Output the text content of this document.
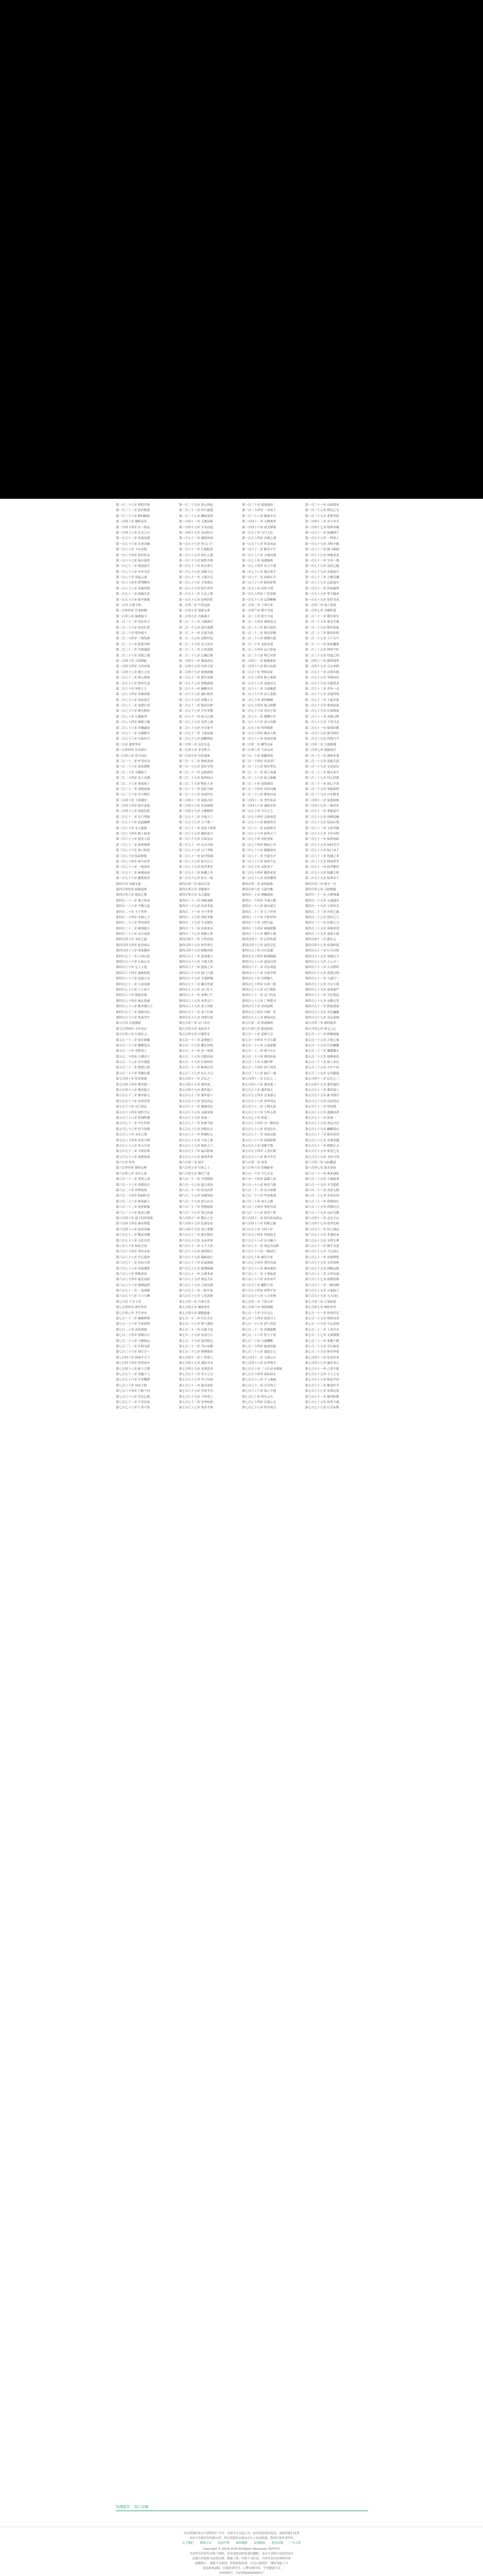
第一百二十八章 新的开始	第一百二十九章 风云再起	第一百三十章 暗流涌动	第一百三十一章 山雨欲来
第一百三十二章 意外相逢	第一百三十三章 旧日恩怨	第一百三十四章 一决高下	第一百三十五章 胜负已分
第一百三十六章 峰回路转	第一百三十七章 柳暗花明	第一百三十八章 秘境开启	第一百三十九章 重重考验
第一百四十章 破阵而出	第一百四十一章 天地异象	第一百四十二章 宝物现世	第一百四十三章 各方争夺
第一百四十四章 以一敌众	第一百四十五章 全身而退	第一百四十六章 闭关修炼	第一百四十七章 境界突破
第一百四十八章 出关之日	第一百四十九章 名动四方	第一百五十章 宗门大比	第一百五十一章 初露锋芒
第一百五十二章 连战连捷	第一百五十三章 强敌环伺	第一百五十四章 决赛之战	第一百五十五章 一鸣惊人
第一百五十六章 长老青睐	第一百五十七章 拜入门下	第一百五十八章 传承功法	第一百五十九章 苦修不辍
第一百六十章 下山历练	第一百六十一章 江湖险恶	第一百六十二章 路见不平	第一百六十三章 拔刀相助
第一百六十四章 结识好友	第一百六十五章 同行之旅	第一百六十六章 古城奇遇	第一百六十七章 神秘老者
第一百六十八章 指点迷津	第一百六十九章 豁然开朗	第一百七十章 再遇强敌	第一百七十一章 生死一线
第一百七十二章 绝境逢生	第一百七十三章 浴火重生	第一百七十四章 实力大增	第一百七十五章 复仇之路
第一百七十六章 步步为营	第一百七十七章 真相大白	第一百七十八章 幕后黑手	第一百七十九章 决战前夕
第一百八十章 风起云涌	第一百八十一章 大战开启	第一百八十二章 血染长空	第一百八十三章 力挽狂澜
第一百八十四章 胜利曙光	第一百八十五章 尘埃落定	第一百八十六章 新的征程	第一百八十七章 远赴他乡
第一百八十八章 异域风情	第一百八十九章 陌生世界	第一百九十章 初来乍到	第一百九十一章 四处碰壁
第一百九十二章 崭露头角	第一百九十三章 立足之地	第一百九十四章 广结善缘	第一百九十五章 势力渐成
第一百九十六章 暗中窥视	第一百九十七章 危机四伏	第一百九十八章 运筹帷幄	第一百九十九章 化险为夷
第二百章 百战不殆	第二百零一章 声名远扬	第二百零二章 王者归来	第二百零三章 故人重逢
第二百零四章 往事如烟	第二百零五章 情深义重	第二百零六章 携手并进	第二百零七章 共御外敌
第二百零八章 城池保卫	第二百零九章 兵临城下	第二百一十章 死守不退	第二百一十一章 援军将至
第二百一十二章 里应外合	第二百一十三章 大破敌军	第二百一十四章 乘胜追击	第二百一十五章 收复失地
第二百一十六章 论功行赏	第二百一十七章 加官进爵	第二百一十八章 树大招风	第二百一十九章 朝堂风波
第二百二十章 明争暗斗	第二百二十一章 以退为进	第二百二十二章 韬光养晦	第二百二十三章 静待时机
第二百二十四章 一朝发难	第二百二十五章 清除奸佞	第二百二十六章 朝纲大振	第二百二十七章 天下太平
第二百二十八章 隐患未除	第二百二十九章 北方异动	第二百三十章 亲征北境	第二百三十一章 冰原鏖战
第二百三十二章 雪域迷踪	第二百三十三章 古老部落	第二百三十四章 远古传说	第二百三十五章 神兽守护
第二百三十六章 试炼之地	第二百三十七章 心魔幻境	第二百三十八章 明心见性	第二百三十九章 得道之契
第二百四十章 天劫降临	第二百四十一章 渡劫成功	第二百四十二章 脱胎换骨	第二百四十三章 新的境界
第二百四十四章 天外来客	第二百四十五章 异界入侵	第二百四十六章 联合抗敌	第二百四十七章 万宗来朝
第二百四十八章 盟主之位	第二百四十九章 统领群雄	第二百五十章 誓师出征	第二百五十一章 首战告捷
第二百五十二章 深入敌境	第二百五十三章 孤军奋战	第二百五十四章 陷入重围	第二百五十五章 突围而出
第二百五十六章 休养生息	第二百五十七章 重整旗鼓	第二百五十八章 再度出击	第二百五十九章 直捣黄龙
第二百六十章 异界之主	第二百六十一章 巅峰对决	第二百六十二章 天崩地裂	第二百六十三章 舍身一击
第二百六十四章 英雄落幕	第二百六十五章 魂归故里	第二百六十六章 众人悲恸	第二百六十七章 奇迹再现
第二百六十八章 死而复生	第二百六十九章 涅槃之火	第二百七十章 重登巅峰	第二百七十一章 大道至简
第二百七十二章 返璞归真	第二百七十三章 隐居山林	第二百七十四章 闲云野鹤	第二百七十五章 收徒传道
第二百七十六章 薪火相传	第二百七十七章 少年英姿	第二百七十八章 青出于蓝	第二百七十九章 后浪推前
第二百八十章 江湖新秀	第二百八十一章 初入江湖	第二百八十二章 懵懂少年	第二百八十三章 奇缘天降
第二百八十四章 神秘玉佩	第二百八十五章 身世之谜	第二百八十六章 追寻真相	第二百八十七章 千里寻亲
第二百八十八章 风餐露宿	第二百八十九章 历尽艰辛	第二百九十章 终得线索	第二百九十一章 故国旧都
第二百九十二章 皇城秘辛	第二百九十三章 王族血脉	第二百九十四章 继承大统	第二百九十五章 新君即位
第二百九十六章 百废待兴	第二百九十七章 励精图治	第二百九十八章 国富民强	第二百九十九章 四海升平
第三百章 盛世华章	第三百零一章 边关告急	第三百零二章 御驾亲征	第三百零三章 大漠孤烟
第三百零四章 长河落日	第三百零五章 金戈铁马	第三百零六章 气吞山河	第三百零七章 凯旋而归
第三百零八章 普天同庆	第三百零九章 宫廷盛宴	第三百一十章 暗藏杀机	第三百一十一章 刺客来袭
第三百一十二章 护驾有功	第三百一十三章 彻查真凶	第三百一十四章 牵连甚广	第三百一十五章 雷霆手段
第三百一十六章 肃清朝野	第三百一十七章 忠奸分明	第三百一十八章 贤臣辈出	第三百一十九章 文治武功
第三百二十章 开疆拓土	第三百二十一章 远航海外	第三百二十二章 海上风暴	第三百二十三章 孤岛求生
第三百二十四章 岛上奇遇	第三百二十五章 海外仙山	第三百二十六章 仙人指路	第三百二十七章 归心似箭
第三百二十八章 重返故土	第三百二十九章 物是人非	第三百三十章 沧海桑田	第三百三十一章 初心不改
第三百三十二章 再续前缘	第三百三十三章 花好月圆	第三百三十四章 喜结良缘	第三百三十五章 琴瑟和鸣
第三百三十六章 岁月静好	第三百三十七章 风雨同舟	第三百三十八章 相濡以沫	第三百三十九章 白头偕老
第三百四十章 子孙满堂	第三百四十一章 家族兴旺	第三百四十二章 世代传承	第三百四十三章 家训祖规
第三百四十四章 族中变故	第三百四十五章 兄弟阋墙	第三百四十六章 调和矛盾	第三百四十七章 一致对外
第三百四十八章 家族危机	第三百四十九章 力挽颓势	第三百五十章 中兴之主	第三百五十一章 重振家声
第三百五十二章 名门望族	第三百五十三章 声震天下	第三百五十四章 宗师风范	第三百五十五章 登峰造极
第三百五十六章 武道巅峰	第三百五十七章 天下第一	第三百五十八章 挑战者至	第三百五十九章 接连应战
第三百六十章 无人能敌	第三百六十一章 高处不胜寒	第三百六十二章 寂寞如雪	第三百六十三章 寻求突破
第三百六十四章 踏上新途	第三百六十五章 破碎虚空	第三百六十六章 仙界之门	第三百六十七章 飞升在即
第三百六十八章 留恋人间	第三百六十九章 告别亲友	第三百七十章 羽化登仙	第三百七十一章 仙界初临
第三百七十二章 仙界规则	第三百七十三章 从头开始	第三百七十四章 散仙之名	第三百七十五章 仙府争夺
第三百七十六章 仙门招徒	第三百七十七章 入门考核	第三百七十八章 脱颖而出	第三百七十九章 仙门弟子
第三百八十章 仙法修炼	第三百八十一章 仙丹炼制	第三百八十二章 丹道奇才	第三百八十三章 炼器之术
第三百八十四章 神兵出世	第三百八十五章 仙兵认主	第三百八十六章 仙界大比	第三百八十七章 群仙荟萃
第三百八十八章 一战成名	第三百八十九章 仙君垂青	第三百九十章 亲传弟子	第三百九十一章 仙君秘传
第三百九十二章 神通初成	第三百九十三章 仙魔之争	第三百九十四章 魔界来犯	第三百九十五章 仙魔大战
第三百九十六章 魔尊现身	第三百九十七章 惊天一战	第三百九十八章 封印魔尊	第三百九十九章 仙界安宁
第四百章 功德无量	第四百零一章 仙帝召见	第四百零二章 加封仙职	第四百零三章 镇守一方
第四百零四章 仙域巡察	第四百零五章 异象频生	第四百零六章 天道失衡	第四百零七章 寻找根源
第四百零八章 混沌之地	第四百零九章 太古遗迹	第四百一十章 神魔战场	第四百一十一章 古神残魂
第四百一十二章 神之传承	第四百一十三章 神格觉醒	第四百一十四章 半神之躯	第四百一十五章 天道感应
第四百一十六章 平衡天道	第四百一十七章 功成身退	第四百一十八章 游历诸天	第四百一十九章 万界风光
第四百二十章 小千世界	第四百二十一章 中千世界	第四百二十二章 大千世界	第四百二十三章 世界之源
第四百二十四章 本源之力	第四百二十五章 领悟本源	第四百二十六章 开辟世界	第四百二十七章 创世之主
第四百二十八章 世界演化	第四百二十九章 生灵繁衍	第四百三十章 文明兴起	第四百三十一章 信仰之力
第四百三十二章 神国建立	第四百三十三章 众神来访	第四百三十四章 神域联盟	第四百三十五章 诸神黄昏
第四百三十六章 末日危机	第四百三十七章 拯救万界	第四百三十八章 牺牲小我	第四百三十九章 成就大我
第四百四十章 永恒之道	第四百四十一章 不朽传说	第四百四十二章 后世传颂	第四百四十三章 新纪元
第四百四十四章 轮回再启	第四百四十五章 转世重生	第四百四十六章 前世记忆	第四百四十七章 宿命纠葛
第四百四十八章 因果循环	第四百四十九章 斩断因果	第四百五十章 自在逍遥	第四百五十一章 红尘历练
第四百五十二章 人间百态	第四百五十三章 悲欢离合	第四百五十四章 阴晴圆缺	第四百五十五章 看破红尘
第四百五十六章 心如止水	第四百五十七章 大彻大悟	第四百五十八章 道法自然	第四百五十九章 天人合一
第四百六十章 无上大道	第四百六十一章 道祖之名	第四百六十二章 开坛讲道	第四百六十三章 万灵聆听
第四百六十四章 道统延续	第四百六十五章 道门兴盛	第四百六十六章 百家争鸣	第四百六十七章 思想交锋
第四百六十八章 论道大会	第四百六十九章 舌战群儒	第四百七十章 以理服人	第四百七十一章 大道归一
第四百七十二章 万法同源	第四百七十三章 融会贯通	第四百七十四章 自成一派	第四百七十五章 开宗立派
第四百七十六章 门人弟子	第四百七十七章 宗门壮大	第四百七十八章 宗门规矩	第四百七十九章 戒律森严
第四百八十章 叛徒出现	第四百八十一章 清理门户	第四百八十二章 宗门内乱	第四百八十三章 平定叛乱
第四百八十四章 痛定思痛	第四百八十五章 改革宗门	第四百八十六章 广纳贤才	第四百八十七章 有教无类
第四百八十八章 桃李满天下	第四百八十九章 弟子出师	第四百九十章 各奔前程	第四百九十一章 师徒情深
第四百九十二章 恩师寿辰	第四百九十三章 弟子归来	第四百九十四章 共聚一堂	第四百九十五章 其乐融融
第四百九十六章 惊变突生	第四百九十七章 外敌压境	第四百九十八章 师徒同心	第四百九十九章 众志成城
第五百章 击退强敌	第五百零一章 宗门永存	第五百零二章 传说继续	第五百零三章 新的篇章
第五百零四章 少年出山	第五百零五章 初试身手	第五百零六章 惩恶扬善	第五百零七章 侠义之心
第五百零八章 行侠仗义	第五百零九章 江湖美名	第五百一十章 武林大会	第五百一十一章 群雄逐鹿
第五百一十二章 技压群雄	第五百一十三章 武林盟主	第五百一十四章 号令江湖	第五百一十五章 正邪之战
第五百一十六章 魔教复出	第五百一十七章 魔头再现	第五百一十八章 正道联盟	第五百一十九章 讨伐魔教
第五百二十章 光明顶上	第五百二十一章 决一死战	第五百二十二章 邪不压正	第五百二十三章 魔教覆灭
第五百二十四章 江湖安宁	第五百二十五章 归隐田园	第五百二十六章 耕读传家	第五百二十七章 晴耕雨读
第五百二十八章 岁月悠悠	第五百二十九章 往事回首	第五百三十章 江湖旧梦	第五百三十一章 故人来访
第五百三十二章 把酒言欢	第五百三十三章 畅谈往昔	第五百三十四章 意气风发	第五百三十五章 少年不再
第五百三十六章 英雄迟暮	第五百三十七章 壮心不已	第五百三十八章 最后一战	第五百三十九章 完美谢幕
第五百四十章 传奇落幕	第五百四十一章 后记之一	第五百四十二章 后记之二	第五百四十三章 后记之三
第五百四十四章 番外篇一	第五百四十五章 番外篇二	第五百四十六章 番外篇三	第五百四十七章 番外篇四
第五百四十八章 番外篇五	第五百四十九章 番外篇六	第五百五十章 番外篇七	第五百五十一章 番外篇八
第五百五十二章 番外篇九	第五百五十三章 番外篇十	第五百五十四章 完本感言	第五百五十五章 新书预告
第五百五十六章 读者问答	第五百五十七章 角色设定	第五百五十八章 世界设定	第五百五十九章 功法设定
第五百六十章 宗门设定	第五百六十一章 地图设定	第五百六十二章 人物关系	第五百六十三章 时间线
第五百六十四章 创作手记	第五百六十五章 灵感来源	第五百六十六章 写作心得	第五百六十七章 感谢读者
第五百六十八章 特别鸣谢	第五百六十九章 彩蛋一	第五百七十章 彩蛋二	第五百七十一章 彩蛋三
第五百七十二章 平行世界	第五百七十三章 如果当初	第五百七十四章 另一种结局	第五百七十五章 命运分岔
第五百七十六章 时空穿梭	第五百七十七章 回到过去	第五百七十八章 改变历史	第五百七十九章 蝴蝶效应
第五百八十章 未来之战	第五百八十一章 机械纪元	第五百八十二章 星际远航	第五百八十三章 银河帝国
第五百八十四章 外星文明	第五百八十五章 宇宙之谜	第五百八十六章 黑洞探索	第五百八十七章 虫洞穿越
第五百八十八章 多元宇宙	第五百八十九章 维度之门	第五百九十章 高维生物	第五百九十一章 降维打击
第五百九十二章 文明存续	第五百九十三章 最后防线	第五百九十四章 人类火种	第五百九十五章 希望之光
第五百九十六章 重建家园	第五百九十七章 新的世界	第五百九十八章 和平年代	第五百九十九章 永恒守望
第六百章 终章	第六百零一章 尾声	第六百零二章 再见	第六百零三章 完结撒花
第六百零四章 新的启程	第六百零五章 归来之人	第六百零六章 旧城新事	第六百零七章 街头巷尾
第六百零八章 市井人家	第六百零九章 烟火气息	第六百一十章 平凡生活	第六百一十一章 柴米油盐
第六百一十二章 邻里之间	第六百一十三章 守望相助	第六百一十四章 温暖人间	第六百一十五章 小城故事
第六百一十六章 春暖花开	第六百一十七章 夏日炎炎	第六百一十八章 秋高气爽	第六百一十九章 冬雪皑皑
第六百二十章 四季轮回	第六百二十一章 时光荏苒	第六百二十二章 岁月如歌	第六百二十三章 青春无悔
第六百二十四章 校园时光	第六百二十五章 同窗情谊	第六百二十六章 毕业离别	第六百二十七章 各奔东西
第六百二十八章 职场新人	第六百二十九章 初入社会	第六百三十章 奋斗之路	第六百三十一章 逆境成长
第六百三十二章 创业艰难	第六百三十三章 梦想起航	第六百三十四章 事业有成	第六百三十五章 回馈社会
第六百三十六章 慈善之路	第六百三十七章 爱心传递	第六百三十八章 希望工程	第六百三十九章 山区支教
第六百四十章 孩子们的笑脸	第六百四十一章 教育之光	第六百四十二章 知识改变命运	第六百四十三章 走出大山
第六百四十四章 城市梦想	第六百四十五章 追逐星辰	第六百四十六章 科研之路	第六百四十七章 攻坚克难
第六百四十八章 技术突破	第六百四十九章 国之重器	第六百五十章 大国工匠	第六百五十一章 匠心独运
第六百五十二章 精益求精	第六百五十三章 薪火相传	第六百五十四章 传统技艺	第六百五十五章 非遗传承
第六百五十六章 文化自信	第六百五十七章 走向世界	第六百五十八章 东方魅力	第六百五十九章 文明互鉴
第六百六十章 和而不同	第六百六十一章 天下大同	第六百六十二章 命运共同体	第六百六十三章 携手共进
第六百六十四章 美好未来	第六百六十五章 展望明天	第六百六十六章 一路同行	第六百六十七章 不忘初心
第六百六十八章 牢记使命	第六百六十九章 砥砺前行	第六百七十章 继往开来	第六百七十一章 再创辉煌
第六百七十二章 星辰大海	第六百七十三章 征途漫漫	第六百七十四章 勇往直前	第六百七十五章 无所畏惧
第六百七十六章 风雨兼程	第六百七十七章 披荆斩棘	第六百七十八章 乘风破浪	第六百七十九章 扬帆远航
第六百八十章 梦想成真	第六百八十一章 心想事成	第六百八十二章 万事如意	第六百八十三章 吉祥安康
第六百八十四章 福星高照	第六百八十五章 鸿运当头	第六百八十六章 步步高升	第六百八十七章 前程似锦
第六百八十八章 锦绣前程	第六百八十九章 大展宏图	第六百九十章 鹏程万里	第六百九十一章 一帆风顺
第六百九十二章 二龙戏珠	第六百九十三章 三阳开泰	第六百九十四章 四季平安	第六百九十五章 五福临门
第六百九十六章 六六大顺	第六百九十七章 七星高照	第六百九十八章 八方来财	第六百九十九章 九九同心
第七百章 十全十美	第七百零一章 百事可乐	第七百零二章 千事吉祥	第七百零三章 万事如意
第七百零四章 新年快乐	第七百零五章 阖家欢乐	第七百零六章 团团圆圆	第七百零七章 和和美美
第七百零八章 平平安安	第七百零九章 健健康康	第七百一十章 开开心心	第七百一十一章 快快乐乐
第七百一十二章 顺顺利利	第七百一十三章 红红火火	第七百一十四章 蒸蒸日上	第七百一十五章 欣欣向荣
第七百一十六章 生机勃勃	第七百一十七章 朝气蓬勃	第七百一十八章 意气风发	第七百一十九章 斗志昂扬
第七百二十章 奋发图强	第七百二十一章 自强不息	第七百二十二章 厚德载物	第七百二十三章 上善若水
第七百二十四章 海纳百川	第七百二十五章 有容乃大	第七百二十六章 壁立千仞	第七百二十七章 无欲则刚
第七百二十八章 宁静致远	第七百二十九章 淡泊明志	第七百三十章 天道酬勤	第七百三十一章 业精于勤
第七百三十二章 学海无涯	第七百三十三章 书山有路	第七百三十四章 温故知新	第七百三十五章 学以致用
第七百三十六章 知行合一	第七百三十七章 格物致知	第七百三十八章 诚意正心	第七百三十九章 修身齐家
第七百四十章 治国平天下	第七百四十一章 仁者爱人	第七百四十二章 义薄云天	第七百四十三章 礼尚往来
第七百四十四章 智勇双全	第七百四十五章 诚信为本	第七百四十六章 忠孝两全	第七百四十七章 廉洁奉公
第七百四十八章 耻于言利	第七百四十九章 见贤思齐	第七百五十章 三人行必有我师	第七百五十一章 己所不欲
第七百五十二章 勿施于人	第七百五十三章 君子之交	第七百五十四章 淡如清水	第七百五十五章 小人之交
第七百五十六章 甘若醴酒	第七百五十七章 君子坦荡	第七百五十八章 小人戚戚	第七百五十九章 和而不同
第七百六十章 同而不和	第七百六十一章 温良恭俭	第七百六十二章 让以得之	第七百六十三章 敏而好学
第七百六十四章 不耻下问	第七百六十五章 学而不厌	第七百六十六章 诲人不倦	第七百六十七章 发愤忘食
第七百六十八章 乐以忘忧	第七百六十九章 不知老之	第七百七十章 将至云尔	第七百七十一章 逝者如斯
第七百七十二章 不舍昼夜	第七百七十三章 岁寒松柏	第七百七十四章 后凋之志	第七百七十五章 知者不惑
第七百七十六章 仁者不忧	第七百七十七章 勇者不惧	第七百七十八章 终章再会	第七百七十九章 后会有期
热搜推荐 热门专题
本站资源均来自互联网用户分享，仅供学习交流之用，如有侵犯您的权益，请联系我们处理
本站不存储任何资源文件，所有资源均由网友自行上传或转载，版权归原作者所有
关于我们 联系方式 免责声明 网站地图 友情链接 意见反馈 广告合作
Copyright © 2019-2024 All Rights Reserved. 版权所有
本站所有内容均来源于网络，若有侵权请联系我们删除，本站不承担任何法律责任
请遵守国家相关法律法规，健康上网，拒绝不良信息，共同营造良好网络环境
温馨提示：抵制不良游戏，拒绝盗版游戏，注意自我保护，谨防受骗上当
适度游戏益脑，沉迷游戏伤身，合理安排时间，享受健康生活
ICP备案号：京ICP备00000000号
